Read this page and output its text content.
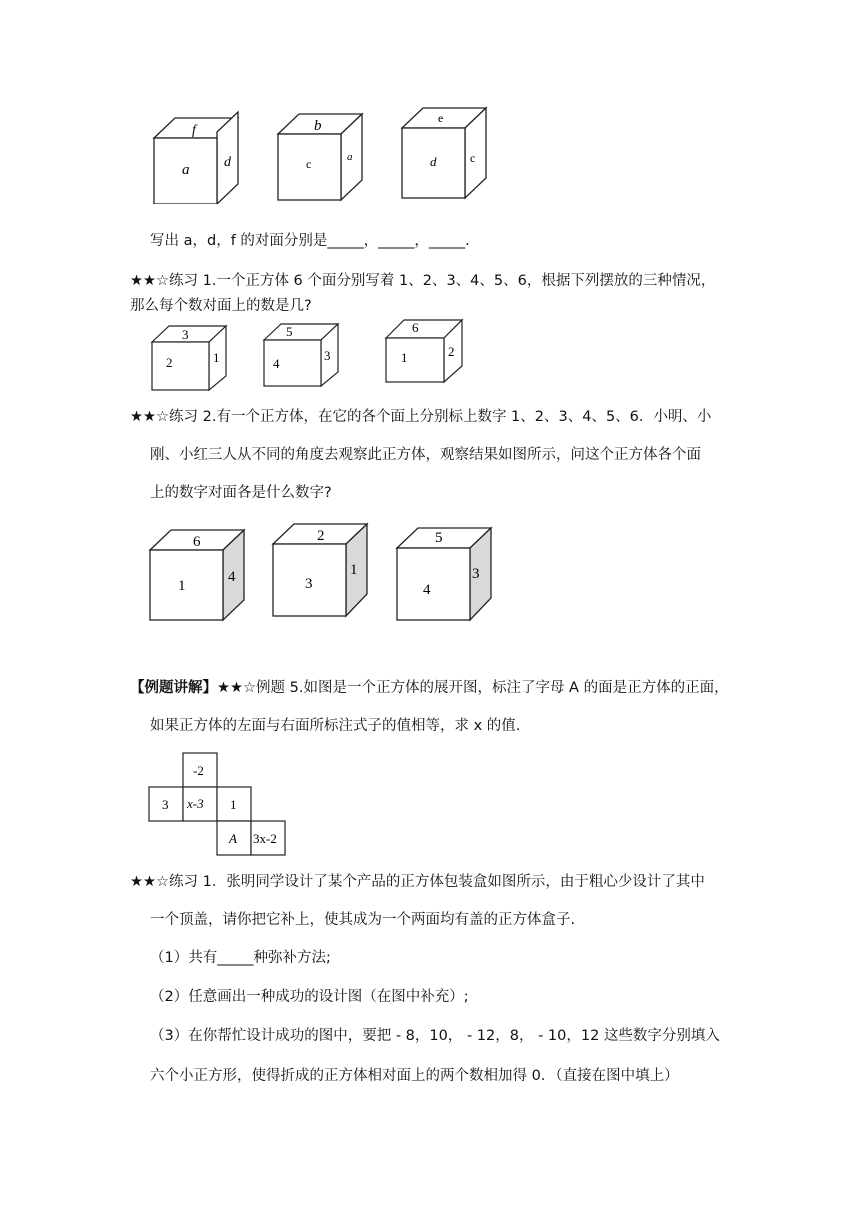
f
a d
b
c	a
e
d	c
写出 a，d，f 的对面分别是_____，_____，_____.
★★☆练习 1.一个正方体 6 个面分别写着 1、2、3、4、5、6，根据下列摆放的三种情况，
那么每个数对面上的数是几?
3
2	1
5
4
3
6
1	2
★★☆练习 2.有一个正方体，在它的各个面上分别标上数字 1、2、3、4、5、6．小明、小
刚、小红三人从不同的角度去观察此正方体，观察结果如图所示，问这个正方体各个面
上的数字对面各是什么数字?
6
1
4
2
3
1
5
4
3
【例题讲解】★★☆例题 5.如图是一个正方体的展开图，标注了字母 A 的面是正方体的正面，
如果正方体的左面与右面所标注式子的值相等，求 x 的值.
-2
3 x-3 1
A 3x-2
★★☆练习 1．张明同学设计了某个产品的正方体包装盒如图所示，由于粗心少设计了其中
一个顶盖，请你把它补上，使其成为一个两面均有盖的正方体盒子.
（1）共有_____种弥补方法;
（2）任意画出一种成功的设计图（在图中补充）;
（3）在你帮忙设计成功的图中，要把 - 8，10， - 12，8， - 10，12 这些数字分别填入
六个小正方形，使得折成的正方体相对面上的两个数相加得 0．（直接在图中填上）
